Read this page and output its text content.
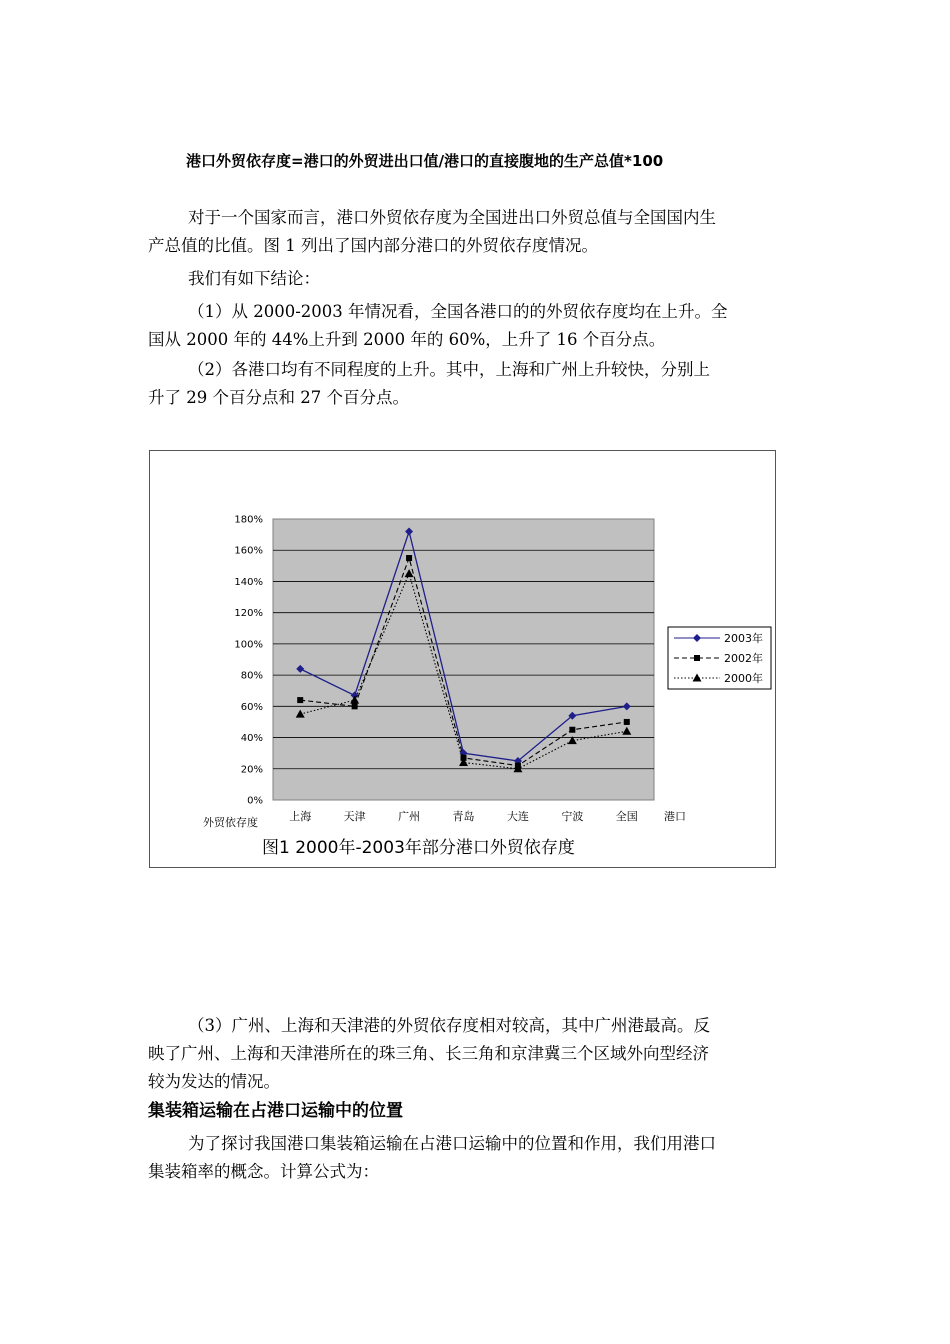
港口外贸依存度=港口的外贸进出口值/港口的直接腹地的生产总值*100
对于一个国家而言，港口外贸依存度为全国进出口外贸总值与全国国内生
产总值的比值。图 1 列出了国内部分港口的外贸依存度情况。
我们有如下结论：
（1）从 2000-2003 年情况看，全国各港口的的外贸依存度均在上升。全
国从 2000 年的 44%上升到 2000 年的 60%，上升了 16 个百分点。
（2）各港口均有不同程度的上升。其中，上海和广州上升较快，分别上
升了 29 个百分点和 27 个百分点。
0%
20%
40%
60%
80%
100%
120%
140%
160%
180%
上海	天津	广州	青岛	大连	宁波	全国 港口
外贸依存度
2003年
2002年
2000年
图1 2000年-2003年部分港口外贸依存度
（3）广州、上海和天津港的外贸依存度相对较高，其中广州港最高。反
映了广州、上海和天津港所在的珠三角、长三角和京津冀三个区域外向型经济
较为发达的情况。
集装箱运输在占港口运输中的位置
为了探讨我国港口集装箱运输在占港口运输中的位置和作用，我们用港口
集装箱率的概念。计算公式为：
